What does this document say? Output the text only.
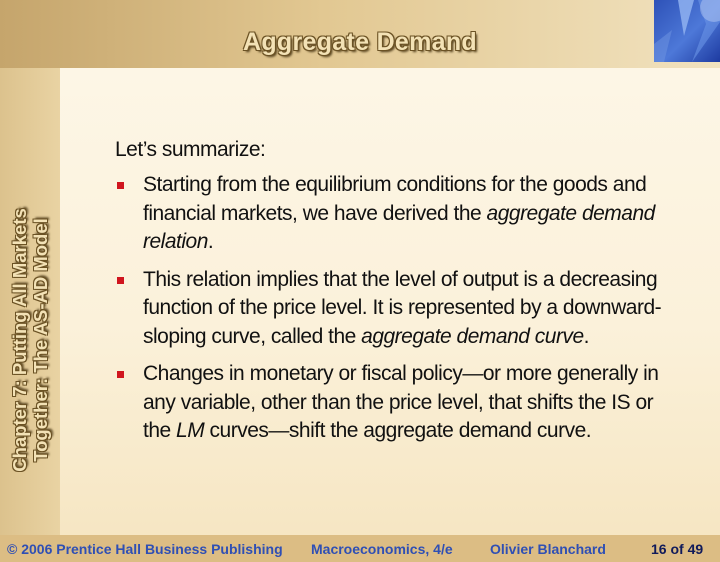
Aggregate Demand
Chapter 7: Putting All Markets Together: The AS-AD Model
Let’s summarize:
Starting from the equilibrium conditions for the goods and financial markets, we have derived the aggregate demand relation.
This relation implies that the level of output is a decreasing function of the price level. It is represented by a downward-sloping curve, called the aggregate demand curve.
Changes in monetary or fiscal policy—or more generally in any variable, other than the price level, that shifts the IS or the LM curves—shift the aggregate demand curve.
© 2006 Prentice Hall Business Publishing Macroeconomics, 4/e	Olivier Blanchard	16 of 49
